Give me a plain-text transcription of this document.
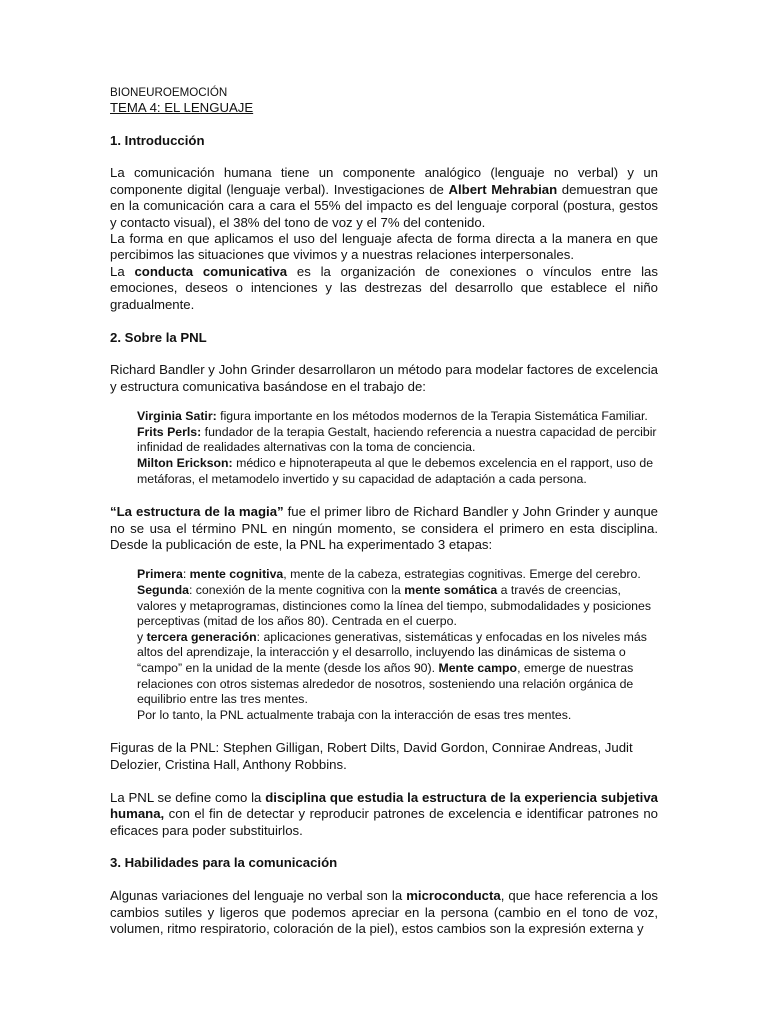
BIONEUROEMOCIÓN

TEMA 4: EL LENGUAJE

1. Introducción

La comunicación humana tiene un componente analógico (lenguaje no verbal) y un componente digital (lenguaje verbal). Investigaciones de Albert Mehrabian demuestran que en la comunicación cara a cara el 55% del impacto es del lenguaje corporal (postura, gestos y contacto visual), el 38% del tono de voz y el 7% del contenido.

La forma en que aplicamos el uso del lenguaje afecta de forma directa a la manera en que percibimos las situaciones que vivimos y a nuestras relaciones interpersonales.

La conducta comunicativa es la organización de conexiones o vínculos entre las emociones, deseos o intenciones y las destrezas del desarrollo que establece el niño gradualmente.

2. Sobre la PNL

Richard Bandler y John Grinder desarrollaron un método para modelar factores de excelencia y estructura comunicativa basándose en el trabajo de:

Virginia Satir: figura importante en los métodos modernos de la Terapia Sistemática Familiar.

Frits Perls: fundador de la terapia Gestalt, haciendo referencia a nuestra capacidad de percibir infinidad de realidades alternativas con la toma de conciencia.

Milton Erickson: médico e hipnoterapeuta al que le debemos excelencia en el rapport, uso de metáforas, el metamodelo invertido y su capacidad de adaptación a cada persona.

“La estructura de la magia” fue el primer libro de Richard Bandler y John Grinder y aunque no se usa el término PNL en ningún momento, se considera el primero en esta disciplina. Desde la publicación de este, la PNL ha experimentado 3 etapas:

Primera: mente cognitiva, mente de la cabeza, estrategias cognitivas. Emerge del cerebro.

Segunda: conexión de la mente cognitiva con la mente somática a través de creencias, valores y metaprogramas, distinciones como la línea del tiempo, submodalidades y posiciones perceptivas (mitad de los años 80). Centrada en el cuerpo.

y tercera generación: aplicaciones generativas, sistemáticas y enfocadas en los niveles más altos del aprendizaje, la interacción y el desarrollo, incluyendo las dinámicas de sistema o “campo” en la unidad de la mente (desde los años 90). Mente campo, emerge de nuestras relaciones con otros sistemas alrededor de nosotros, sosteniendo una relación orgánica de equilibrio entre las tres mentes.

Por lo tanto, la PNL actualmente trabaja con la interacción de esas tres mentes.

Figuras de la PNL: Stephen Gilligan, Robert Dilts, David Gordon, Connirae Andreas, Judit Delozier, Cristina Hall, Anthony Robbins.

La PNL se define como la disciplina que estudia la estructura de la experiencia subjetiva humana, con el fin de detectar y reproducir patrones de excelencia e identificar patrones no eficaces para poder substituirlos.

3. Habilidades para la comunicación

Algunas variaciones del lenguaje no verbal son la microconducta, que hace referencia a los cambios sutiles y ligeros que podemos apreciar en la persona (cambio en el tono de voz, volumen, ritmo respiratorio, coloración de la piel), estos cambios son la expresión externa y
